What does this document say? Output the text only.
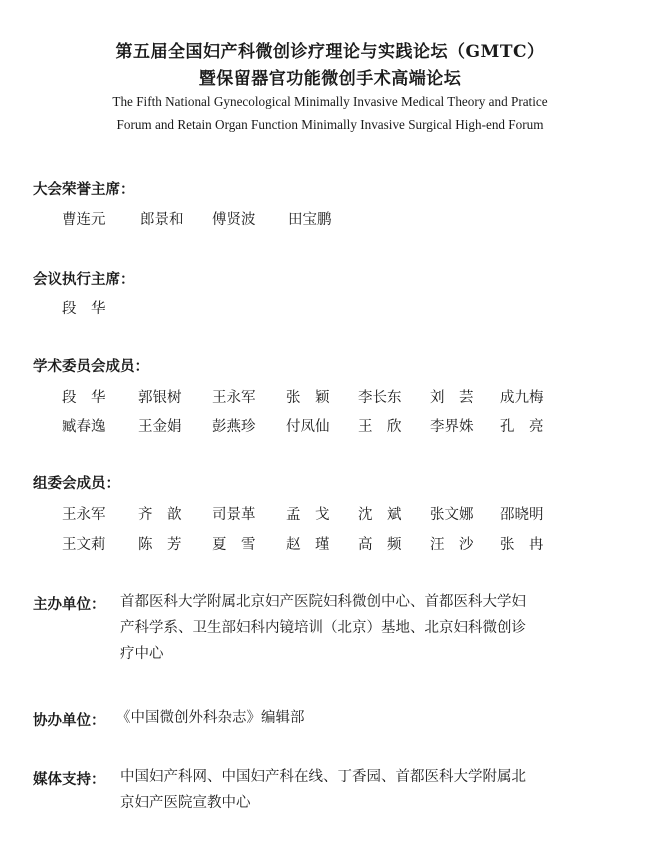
第五届全国妇产科微创诊疗理论与实践论坛（GMTC）
暨保留器官功能微创手术高端论坛
The Fifth National Gynecological Minimally Invasive Medical Theory and Pratice
Forum and Retain Organ Function Minimally Invasive Surgical High-end Forum
大会荣誉主席：
曹连元 郎景和 傅贤波 田宝鹏
会议执行主席：
段　华
学术委员会成员：
段　华 郭银树 王永军 张　颖 李长东 刘　芸 成九梅
臧春逸 王金娟 彭燕珍 付凤仙 王　欣 李界姝 孔　亮
组委会成员：
王永军 齐　歆 司景革 孟　戈 沈　斌 张文娜 邵晓明
王文莉 陈　芳 夏　雪 赵　瑾 高　频 汪　沙 张　冉
主办单位： 首都医科大学附属北京妇产医院妇科微创中心、首都医科大学妇
产科学系、卫生部妇科内镜培训（北京）基地、北京妇科微创诊
疗中心
协办单位： 《中国微创外科杂志》编辑部
媒体支持： 中国妇产科网、中国妇产科在线、丁香园、首都医科大学附属北
京妇产医院宣教中心
